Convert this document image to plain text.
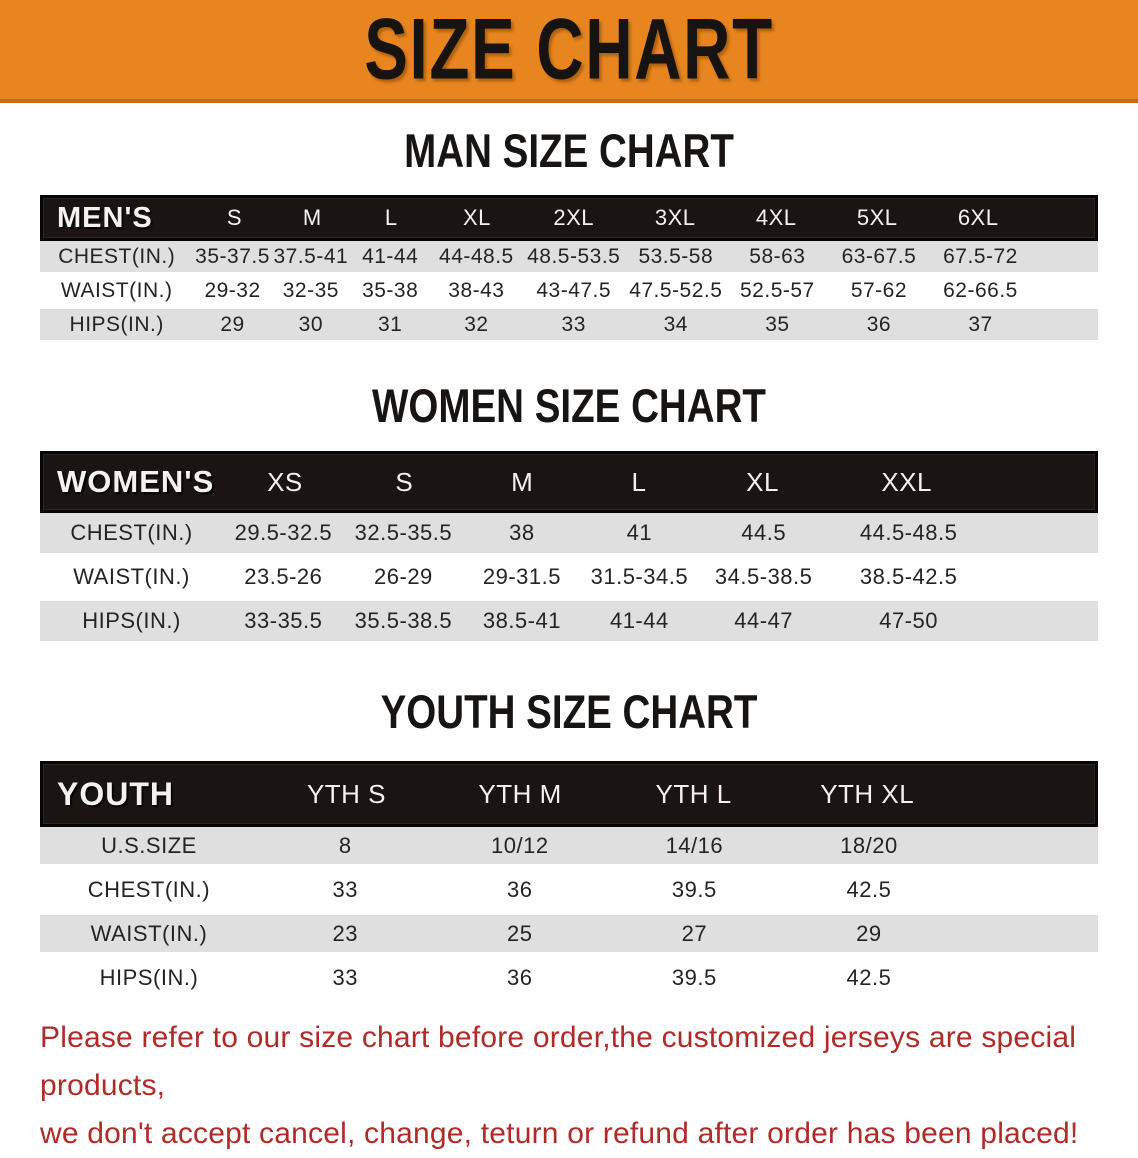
SIZE CHART
MAN SIZE CHART
MEN'S	S	M	L	XL	2XL	3XL	4XL	5XL	6XL
CHEST(IN.) 35-37.5 37.5-41 41-44 44-48.5 48.5-53.5 53.5-58	58-63	63-67.5	67.5-72
WAIST(IN.)	29-32	32-35	35-38	38-43	43-47.5 47.5-52.5 52.5-57	57-62	62-66.5
HIPS(IN.)	29	30	31	32	33	34	35	36	37
WOMEN SIZE CHART
WOMEN'S	XS	S	M	L	XL	XXL
CHEST(IN.)	29.5-32.5	32.5-35.5	38	41	44.5	44.5-48.5
WAIST(IN.)	23.5-26	26-29	29-31.5	31.5-34.5	34.5-38.5	38.5-42.5
HIPS(IN.)	33-35.5	35.5-38.5	38.5-41	41-44	44-47	47-50
YOUTH SIZE CHART
YOUTH	YTH S	YTH M	YTH L	YTH XL
U.S.SIZE	8	10/12	14/16	18/20
CHEST(IN.)	33	36	39.5	42.5
WAIST(IN.)	23	25	27	29
HIPS(IN.)	33	36	39.5	42.5
Please refer to our size chart before order,the customized jerseys are special products,
we don't accept cancel, change, teturn or refund after order has been placed!
